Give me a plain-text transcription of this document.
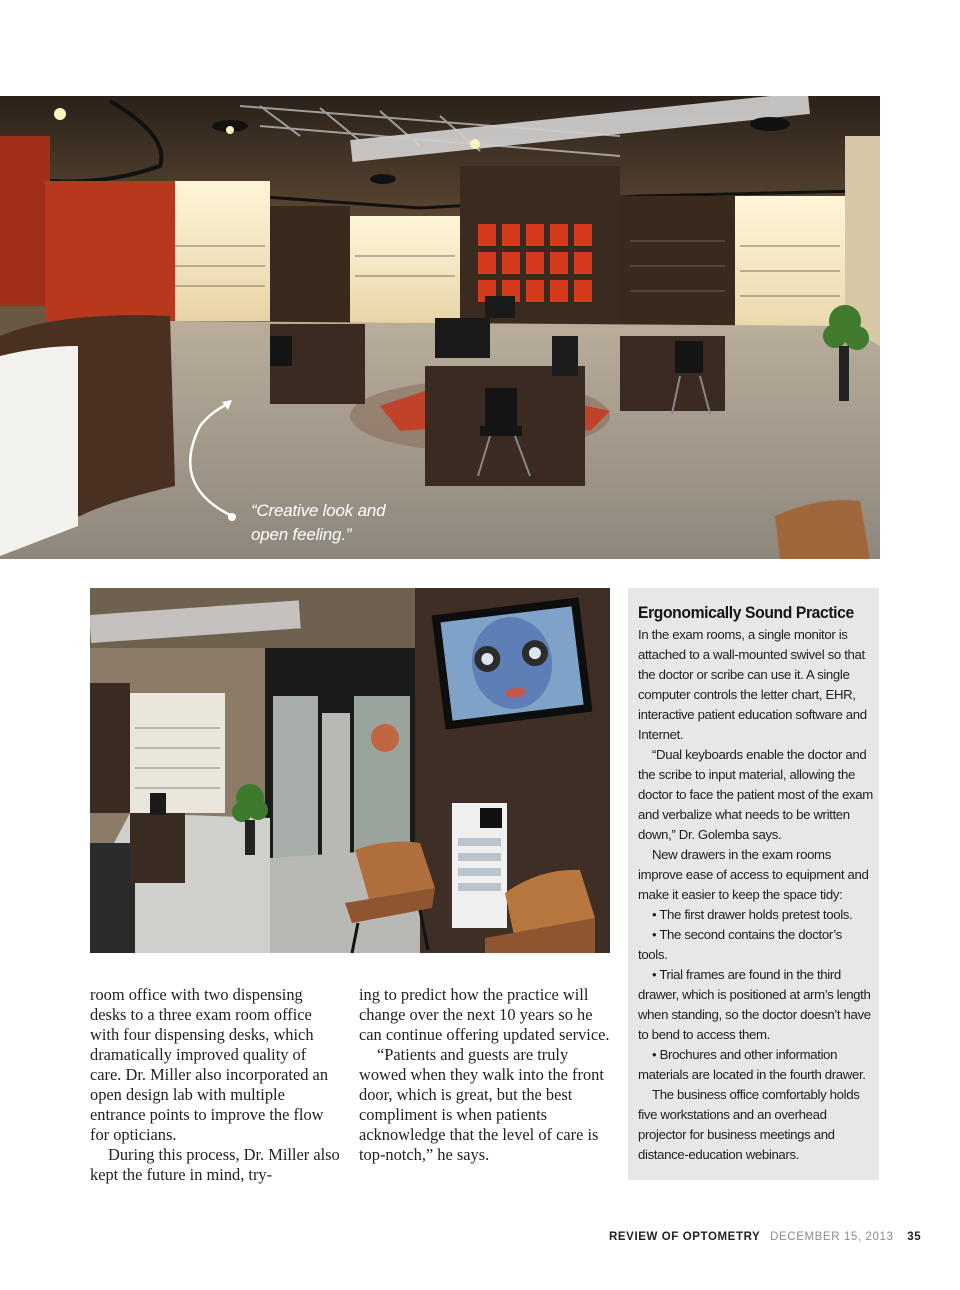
“Creative look and
open feeling.”

room office with two dispensing desks to a three exam room office with four dispensing desks, which dramatically improved quality of care. Dr. Miller also incorporated an open design lab with multiple entrance points to improve the flow for opticians.

During this process, Dr. Miller also kept the future in mind, try-

ing to predict how the practice will change over the next 10 years so he can continue offering updated service.

“Patients and guests are truly wowed when they walk into the front door, which is great, but the best compliment is when patients acknowledge that the level of care is top-notch,” he says.

Ergonomically Sound Practice

In the exam rooms, a single monitor is attached to a wall-mounted swivel so that the doctor or scribe can use it. A single computer controls the letter chart, EHR, interactive patient education software and Internet.

“Dual keyboards enable the doctor and the scribe to input material, allowing the doctor to face the patient most of the exam and verbalize what needs to be written down,” Dr. Golemba says.

New drawers in the exam rooms improve ease of access to equipment and make it easier to keep the space tidy:

• The first drawer holds pretest tools.

• The second contains the doctor’s tools.

• Trial frames are found in the third drawer, which is positioned at arm’s length when standing, so the doctor doesn’t have to bend to access them.

• Brochures and other information materials are located in the fourth drawer.

The business office comfortably holds five workstations and an overhead projector for business meetings and distance-education webinars.

REVIEW OF OPTOMETRY DECEMBER 15, 2013 35
